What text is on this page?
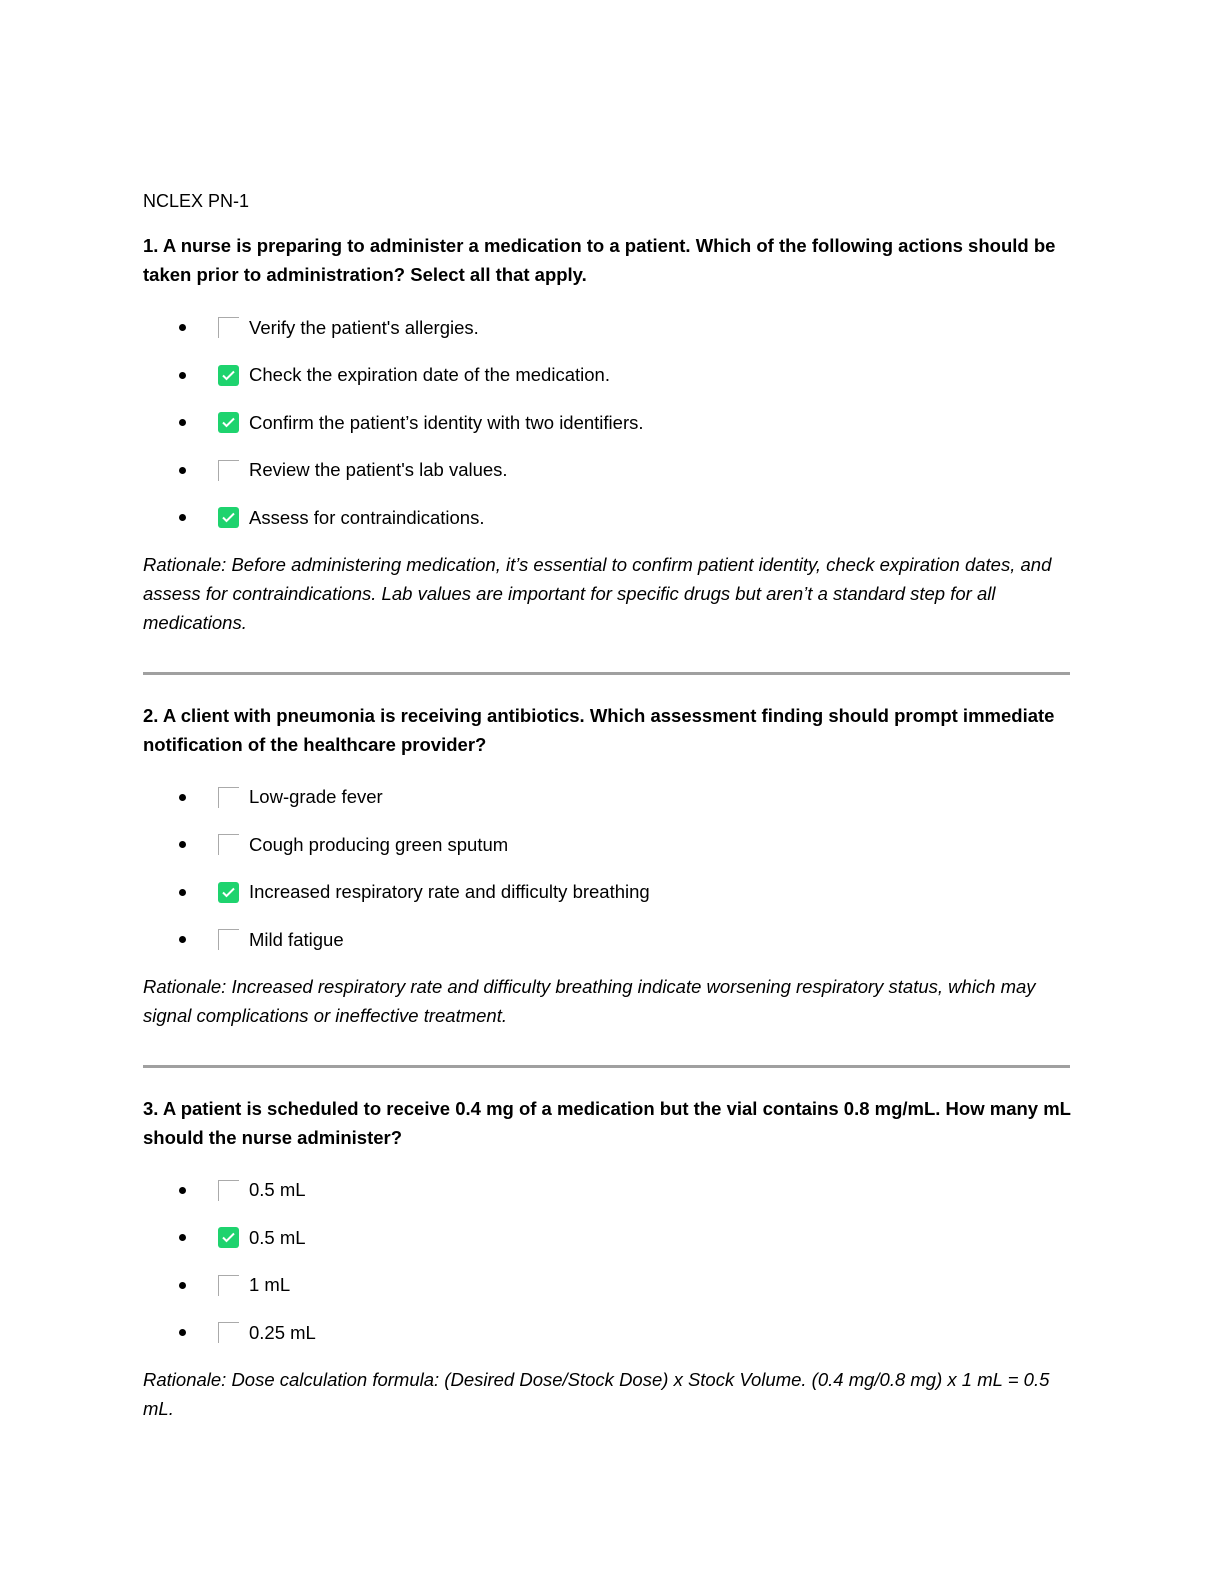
NCLEX PN-1
1. A nurse is preparing to administer a medication to a patient. Which of the following actions should be taken prior to administration? Select all that apply.
Verify the patient's allergies.
Check the expiration date of the medication.
Confirm the patient’s identity with two identifiers.
Review the patient's lab values.
Assess for contraindications.
Rationale: Before administering medication, it’s essential to confirm patient identity, check expiration dates, and assess for contraindications. Lab values are important for specific drugs but aren’t a standard step for all medications.
2. A client with pneumonia is receiving antibiotics. Which assessment finding should prompt immediate notification of the healthcare provider?
Low-grade fever
Cough producing green sputum
Increased respiratory rate and difficulty breathing
Mild fatigue
Rationale: Increased respiratory rate and difficulty breathing indicate worsening respiratory status, which may signal complications or ineffective treatment.
3. A patient is scheduled to receive 0.4 mg of a medication but the vial contains 0.8 mg/mL. How many mL should the nurse administer?
0.5 mL
0.5 mL
1 mL
0.25 mL
Rationale: Dose calculation formula: (Desired Dose/Stock Dose) x Stock Volume. (0.4 mg/0.8 mg) x 1 mL = 0.5 mL.
